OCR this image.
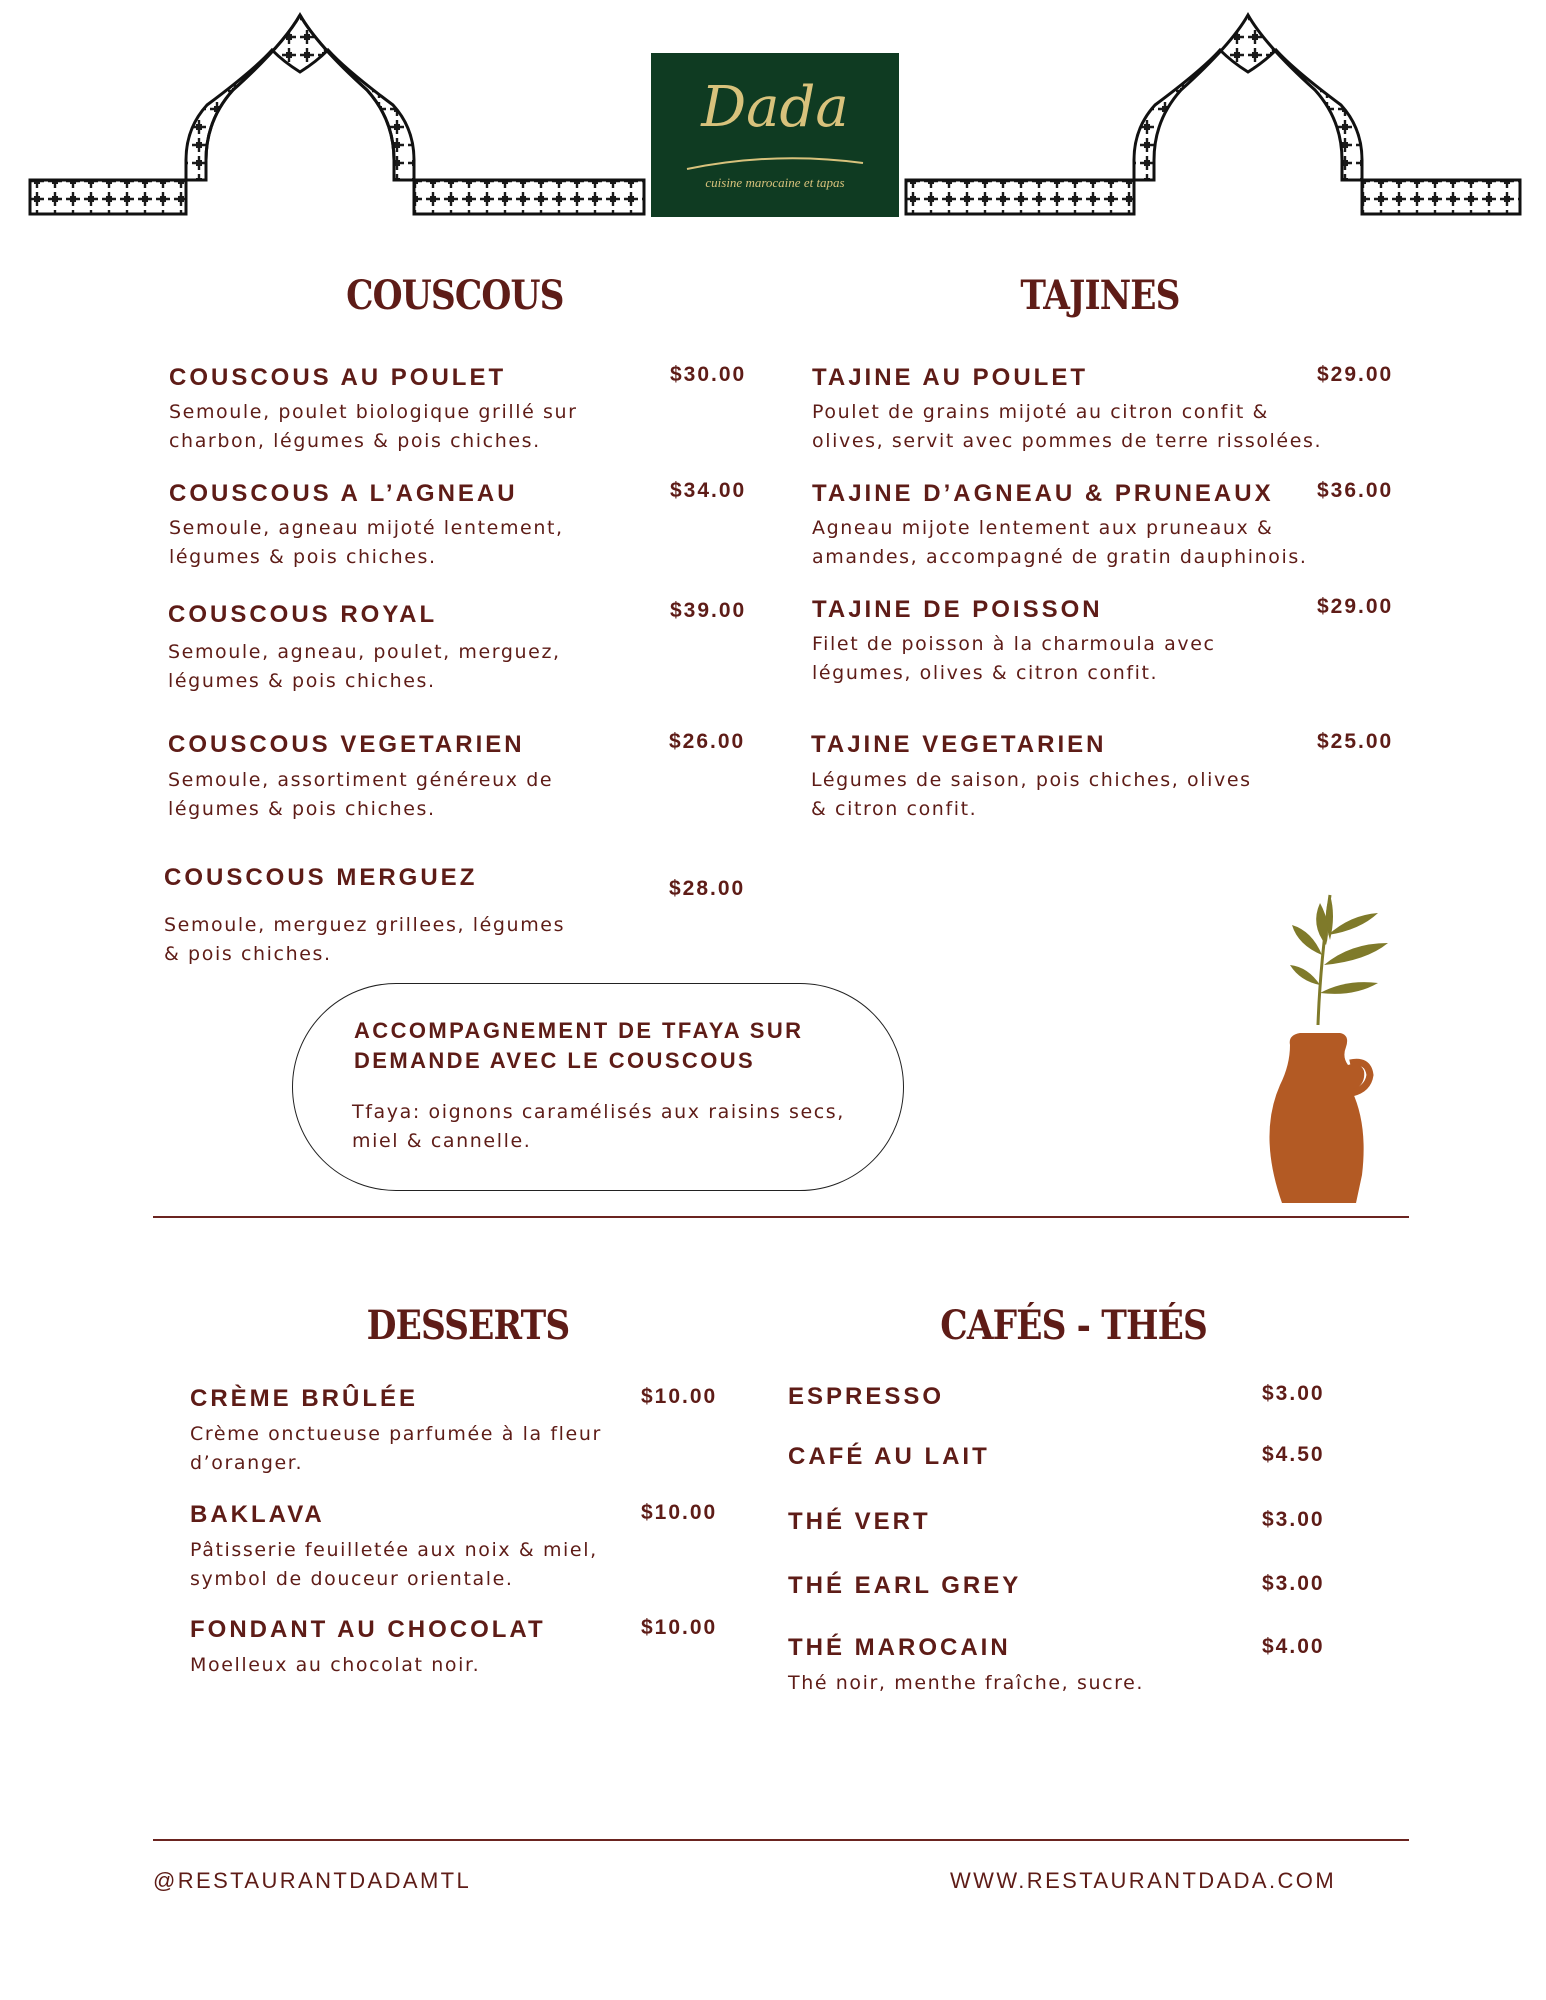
Dada
cuisine marocaine et tapas
COUSCOUS
COUSCOUS AU POULET	$30.00
Semoule, poulet biologique grillé sur
charbon, légumes & pois chiches.
COUSCOUS A L’AGNEAU	$34.00
Semoule, agneau mijoté lentement,
légumes & pois chiches.
COUSCOUS ROYAL	$39.00
Semoule, agneau, poulet, merguez,
légumes & pois chiches.
COUSCOUS VEGETARIEN	$26.00
Semoule, assortiment généreux de
légumes & pois chiches.
COUSCOUS MERGUEZ	$28.00
Semoule, merguez grillees, légumes
& pois chiches.
TAJINES
TAJINE AU POULET	$29.00
Poulet de grains mijoté au citron confit &
olives, servit avec pommes de terre rissolées.
TAJINE D’AGNEAU & PRUNEAUX $36.00
Agneau mijote lentement aux pruneaux &
amandes, accompagné de gratin dauphinois.
TAJINE DE POISSON	$29.00
Filet de poisson à la charmoula avec
légumes, olives & citron confit.
TAJINE VEGETARIEN	$25.00
Légumes de saison, pois chiches, olives
& citron confit.
ACCOMPAGNEMENT DE TFAYA SUR DEMANDE AVEC LE COUSCOUS
Tfaya: oignons caramélisés aux raisins secs, miel & cannelle.
DESSERTS
CRÈME BRÛLÉE	$10.00
Crème onctueuse parfumée à la fleur
d’oranger.
BAKLAVA	$10.00
Pâtisserie feuilletée aux noix & miel,
symbol de douceur orientale.
FONDANT AU CHOCOLAT	$10.00
Moelleux au chocolat noir.
CAFÉS - THÉS
ESPRESSO	$3.00
CAFÉ AU LAIT	$4.50
THÉ VERT	$3.00
THÉ EARL GREY	$3.00
THÉ MAROCAIN	$4.00
Thé noir, menthe fraîche, sucre.
@RESTAURANTDADAMTL	WWW.RESTAURANTDADA.COM
